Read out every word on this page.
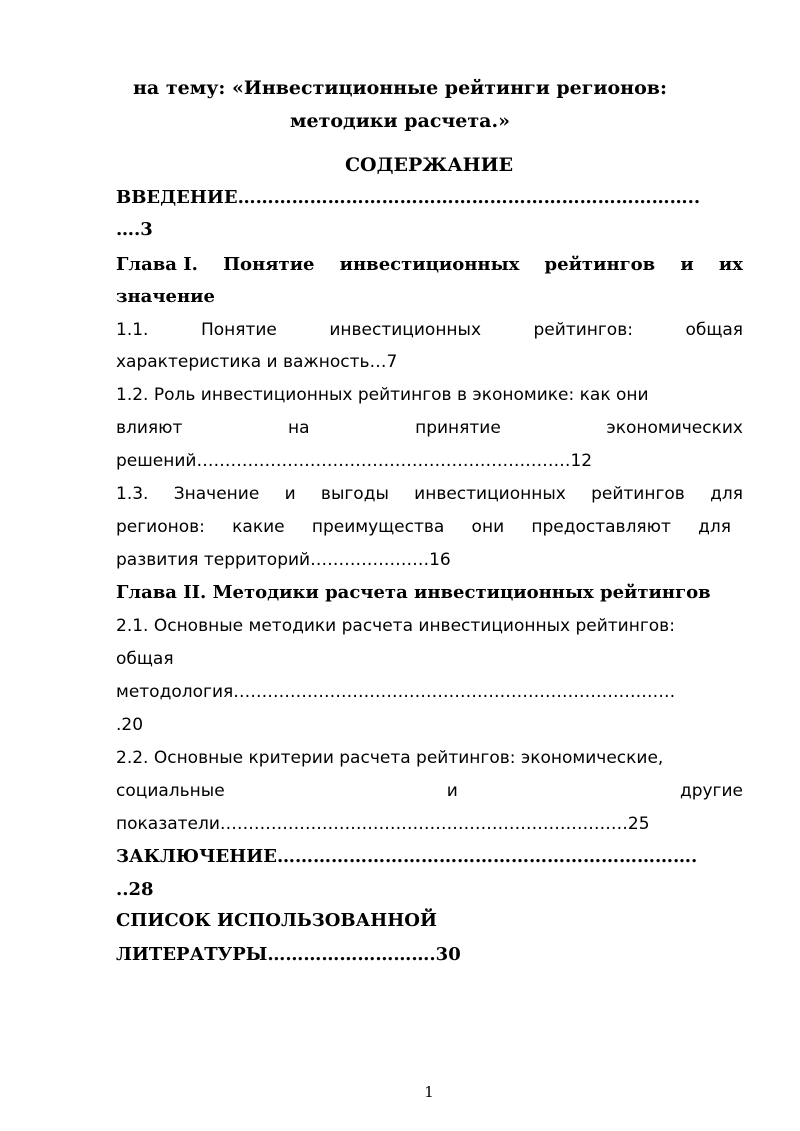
на тему: «Инвестиционные рейтинги регионов:
методики расчета.»
СОДЕРЖАНИЕ
ВВЕДЕНИЕ…………………………………………………………………..
….3
Глава I. Понятие инвестиционных рейтингов и их
значение
1.1.	Понятие	инвестиционных	рейтингов:	общая
характеристика и важность…7
1.2. Роль инвестиционных рейтингов в экономике: как они
влияют	на	принятие	экономических
решений…………………………………………………………12
1.3. Значение и выгоды инвестиционных рейтингов для
регионов: какие преимущества они предоставляют для
развития территорий…………………16
Глава II. Методики расчета инвестиционных рейтингов
2.1. Основные методики расчета инвестиционных рейтингов:
общая
методология……………………………………………………………………
.20
2.2. Основные критерии расчета рейтингов: экономические,
социальные	и	другие
показатели………………………………………………………………25
ЗАКЛЮЧЕНИЕ…………………………………………………………….
..28
СПИСОК ИСПОЛЬЗОВАННОЙ
ЛИТЕРАТУРЫ……………………….30
1
